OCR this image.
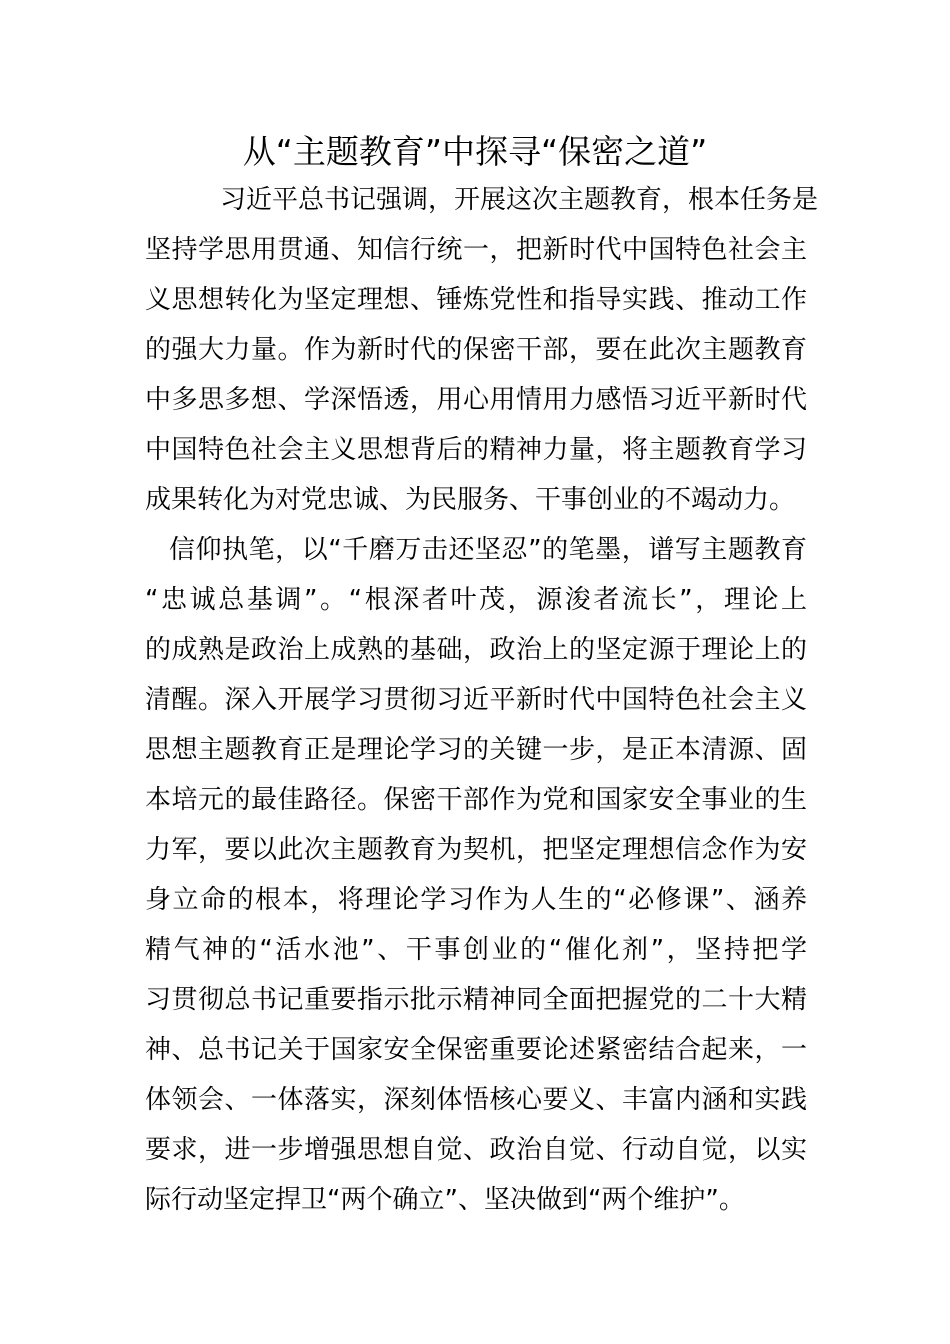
从“主题教育”中探寻“保密之道”

习近平总书记强调，开展这次主题教育，根本任务是

坚持学思用贯通、知信行统一，把新时代中国特色社会主

义思想转化为坚定理想、锤炼党性和指导实践、推动工作

的强大力量。作为新时代的保密干部，要在此次主题教育

中多思多想、学深悟透，用心用情用力感悟习近平新时代

中国特色社会主义思想背后的精神力量，将主题教育学习

成果转化为对党忠诚、为民服务、干事创业的不竭动力。

信仰执笔，以“千磨万击还坚忍”的笔墨，谱写主题教育

“忠诚总基调”。“根深者叶茂，源浚者流长”，理论上

的成熟是政治上成熟的基础，政治上的坚定源于理论上的

清醒。深入开展学习贯彻习近平新时代中国特色社会主义

思想主题教育正是理论学习的关键一步，是正本清源、固

本培元的最佳路径。保密干部作为党和国家安全事业的生

力军，要以此次主题教育为契机，把坚定理想信念作为安

身立命的根本，将理论学习作为人生的“必修课”、涵养

精气神的“活水池”、干事创业的“催化剂”，坚持把学

习贯彻总书记重要指示批示精神同全面把握党的二十大精

神、总书记关于国家安全保密重要论述紧密结合起来，一

体领会、一体落实，深刻体悟核心要义、丰富内涵和实践

要求，进一步增强思想自觉、政治自觉、行动自觉，以实

际行动坚定捍卫“两个确立”、坚决做到“两个维护”。
